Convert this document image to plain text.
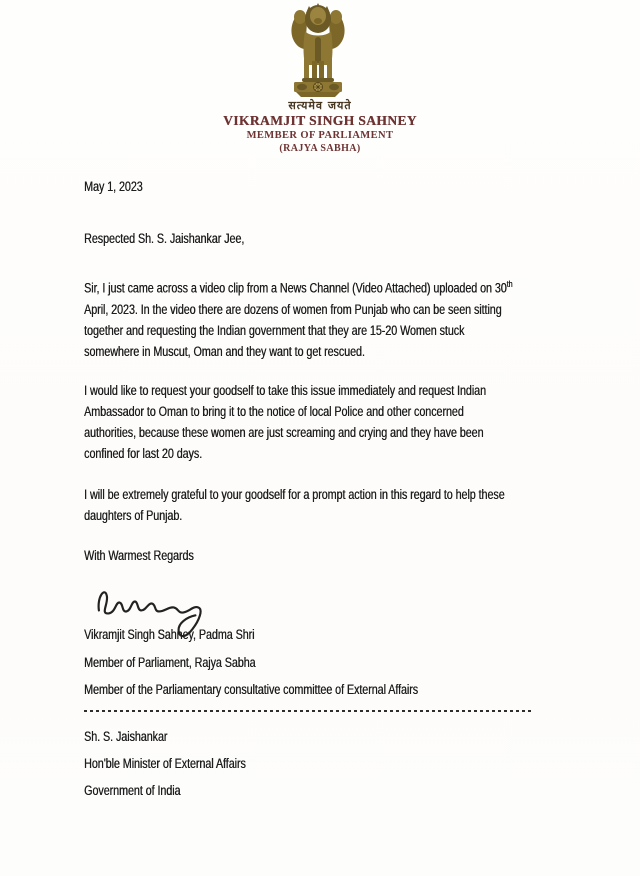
सत्यमेव जयते
VIKRAMJIT SINGH SAHNEY
MEMBER OF PARLIAMENT
(RAJYA SABHA)
May 1, 2023
Respected Sh. S. Jaishankar Jee,
Sir, I just came across a video clip from a News Channel (Video Attached) uploaded on 30th
April, 2023. In the video there are dozens of women from Punjab who can be seen sitting
together and requesting the Indian government that they are 15-20 Women stuck
somewhere in Muscut, Oman and they want to get rescued.
I would like to request your goodself to take this issue immediately and request Indian
Ambassador to Oman to bring it to the notice of local Police and other concerned
authorities, because these women are just screaming and crying and they have been
confined for last 20 days.
I will be extremely grateful to your goodself for a prompt action in this regard to help these
daughters of Punjab.
With Warmest Regards
Vikramjit Singh Sahney, Padma Shri
Member of Parliament, Rajya Sabha
Member of the Parliamentary consultative committee of External Affairs
Sh. S. Jaishankar
Hon'ble Minister of External Affairs
Government of India
